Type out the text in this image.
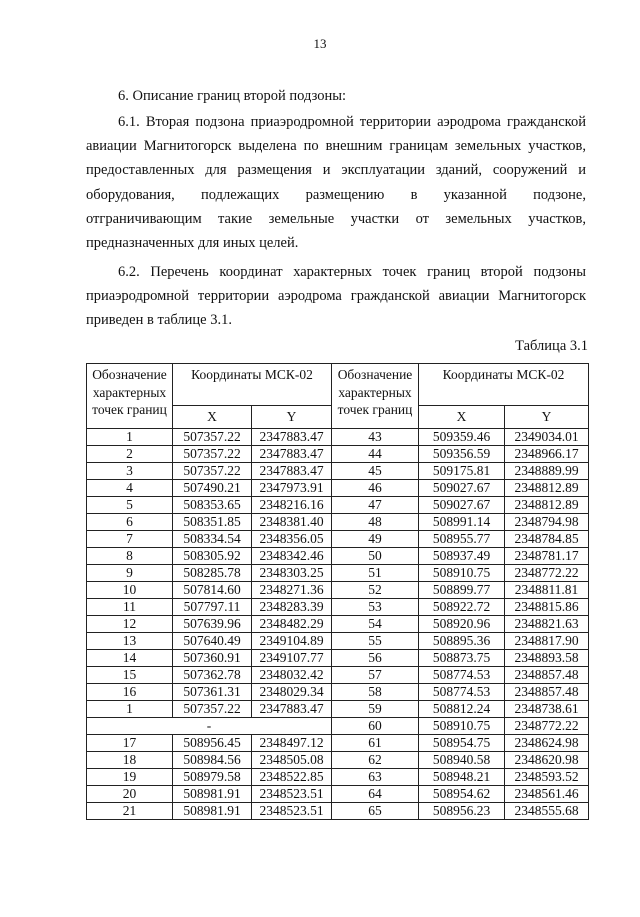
13
6. Описание границ второй подзоны:

6.1. Вторая подзона приаэродромной территории аэродрома гражданской авиации Магнитогорск выделена по внешним границам земельных участков, предоставленных для размещения и эксплуатации зданий, сооружений и оборудования, подлежащих размещению в указанной подзоне, отграничивающим такие земельные участки от земельных участков, предназначенных для иных целей.

6.2. Перечень координат характерных точек границ второй подзоны приаэродромной территории аэродрома гражданской авиации Магнитогорск приведен в таблице 3.1.

Таблица 3.1
Обозначение характерных точек границ	Координаты МСК-02		Обозначение характерных точек границ	Координаты МСК-02	
	X	Y		X	Y
1	507357.22	2347883.47	43	509359.46	2349034.01
2	507357.22	2347883.47	44	509356.59	2348966.17
3	507357.22	2347883.47	45	509175.81	2348889.99
4	507490.21	2347973.91	46	509027.67	2348812.89
5	508353.65	2348216.16	47	509027.67	2348812.89
6	508351.85	2348381.40	48	508991.14	2348794.98
7	508334.54	2348356.05	49	508955.77	2348784.85
8	508305.92	2348342.46	50	508937.49	2348781.17
9	508285.78	2348303.25	51	508910.75	2348772.22
10	507814.60	2348271.36	52	508899.77	2348811.81
11	507797.11	2348283.39	53	508922.72	2348815.86
12	507639.96	2348482.29	54	508920.96	2348821.63
13	507640.49	2349104.89	55	508895.36	2348817.90
14	507360.91	2349107.77	56	508873.75	2348893.58
15	507362.78	2348032.42	57	508774.53	2348857.48
16	507361.31	2348029.34	58	508774.53	2348857.48
1	507357.22	2347883.47	59	508812.24	2348738.61
-			60	508910.75	2348772.22
17	508956.45	2348497.12	61	508954.75	2348624.98
18	508984.56	2348505.08	62	508940.58	2348620.98
19	508979.58	2348522.85	63	508948.21	2348593.52
20	508981.91	2348523.51	64	508954.62	2348561.46
21	508981.91	2348523.51	65	508956.23	2348555.68
